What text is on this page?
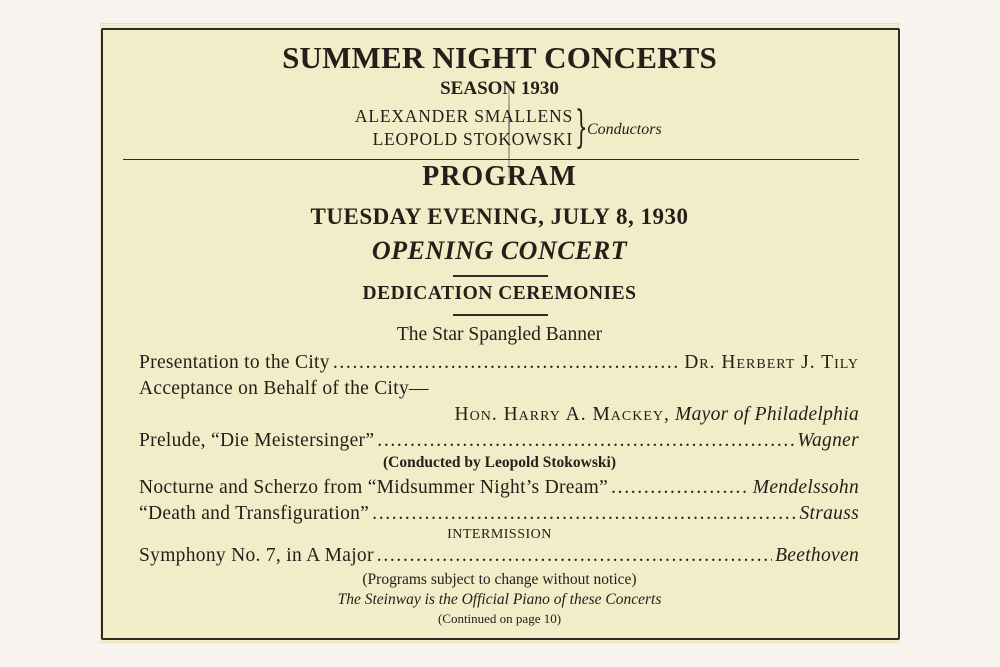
SUMMER NIGHT CONCERTS
SEASON 1930
ALEXANDER SMALLENS
LEOPOLD STOKOWSKI } Conductors
PROGRAM
TUESDAY EVENING, JULY 8, 1930
OPENING CONCERT
DEDICATION CEREMONIES
The Star Spangled Banner
Presentation to the City . . .	Dr. Herbert J. Tily
Acceptance on Behalf of the City—
Hon. Harry A. Mackey, Mayor of Philadelphia
Prelude, “Die Meistersinger” . . .	Wagner
(Conducted by Leopold Stokowski)
Nocturne and Scherzo from “Midsummer Night’s Dream” . . .	Mendelssohn
“Death and Transfiguration” . . .	Strauss
INTERMISSION
Symphony No. 7, in A Major . . .	Beethoven
(Programs subject to change without notice)
The Steinway is the Official Piano of these Concerts
(Continued on page 10)
